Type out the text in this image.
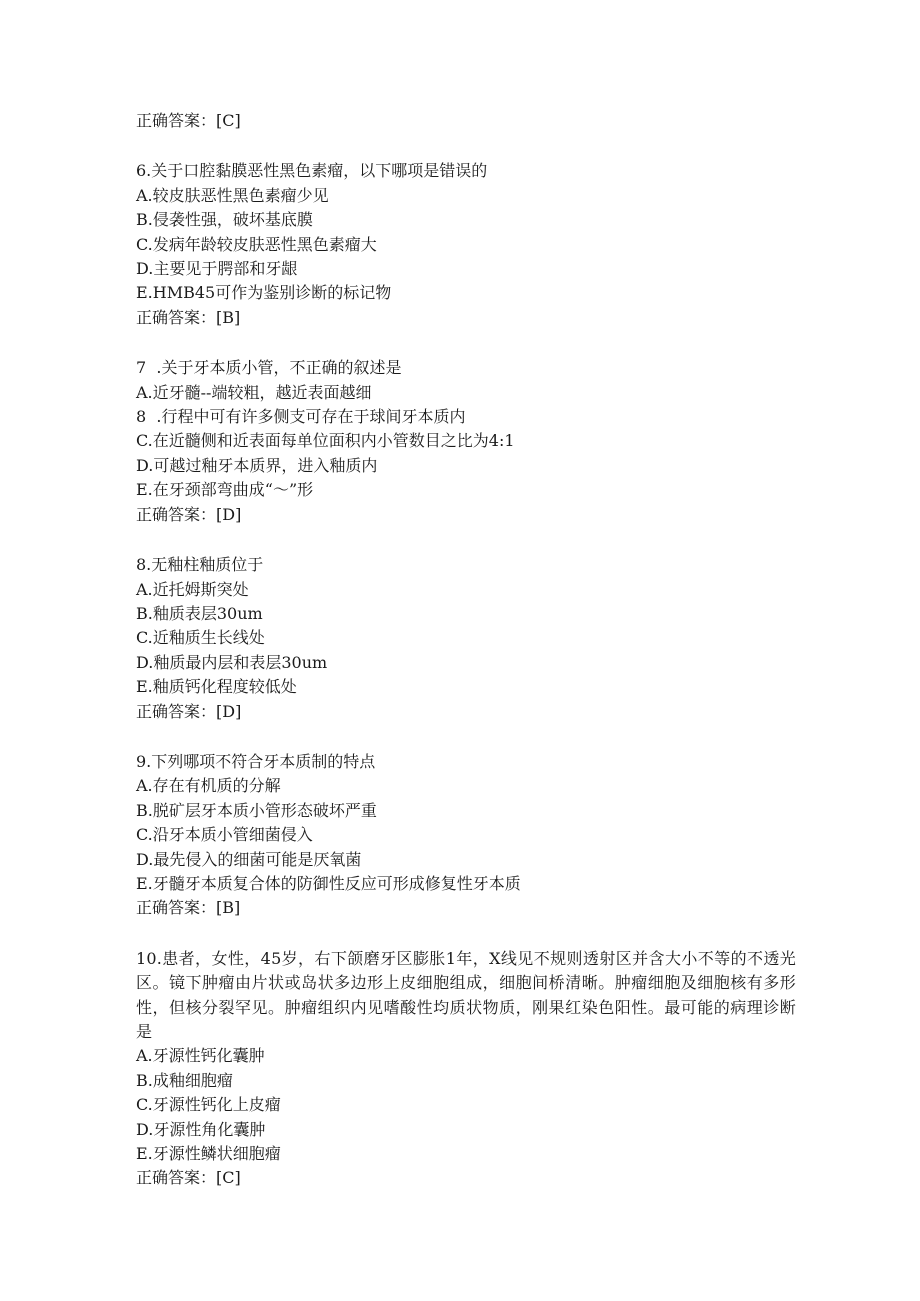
正确答案：[C]
6.关于口腔黏膜恶性黑色素瘤，以下哪项是错误的
A.较皮肤恶性黑色素瘤少见
B.侵袭性强，破坏基底膜
C.发病年龄较皮肤恶性黑色素瘤大
D.主要见于腭部和牙龈
E.HMB45可作为鉴别诊断的标记物
正确答案：[B]
7  .关于牙本质小管，不正确的叙述是
A.近牙髓--端较粗，越近表面越细
8  .行程中可有许多侧支可存在于球间牙本质内
C.在近髓侧和近表面每单位面积内小管数目之比为4:1
D.可越过釉牙本质界，进入釉质内
E.在牙颈部弯曲成“～”形
正确答案：[D]
8.无釉柱釉质位于
A.近托姆斯突处
B.釉质表层30um
C.近釉质生长线处
D.釉质最内层和表层30um
E.釉质钙化程度较低处
正确答案：[D]
9.下列哪项不符合牙本质制的特点
A.存在有机质的分解
B.脱矿层牙本质小管形态破坏严重
C.沿牙本质小管细菌侵入
D.最先侵入的细菌可能是厌氧菌
E.牙髓牙本质复合体的防御性反应可形成修复性牙本质
正确答案：[B]
10.患者，女性，45岁，右下颌磨牙区膨胀1年，X线见不规则透射区并含大小不等的不透光区。镜下肿瘤由片状或岛状多边形上皮细胞组成，细胞间桥清晰。肿瘤细胞及细胞核有多形性，但核分裂罕见。肿瘤组织内见嗜酸性均质状物质，刚果红染色阳性。最可能的病理诊断是
A.牙源性钙化囊肿
B.成釉细胞瘤
C.牙源性钙化上皮瘤
D.牙源性角化囊肿
E.牙源性鳞状细胞瘤
正确答案：[C]
